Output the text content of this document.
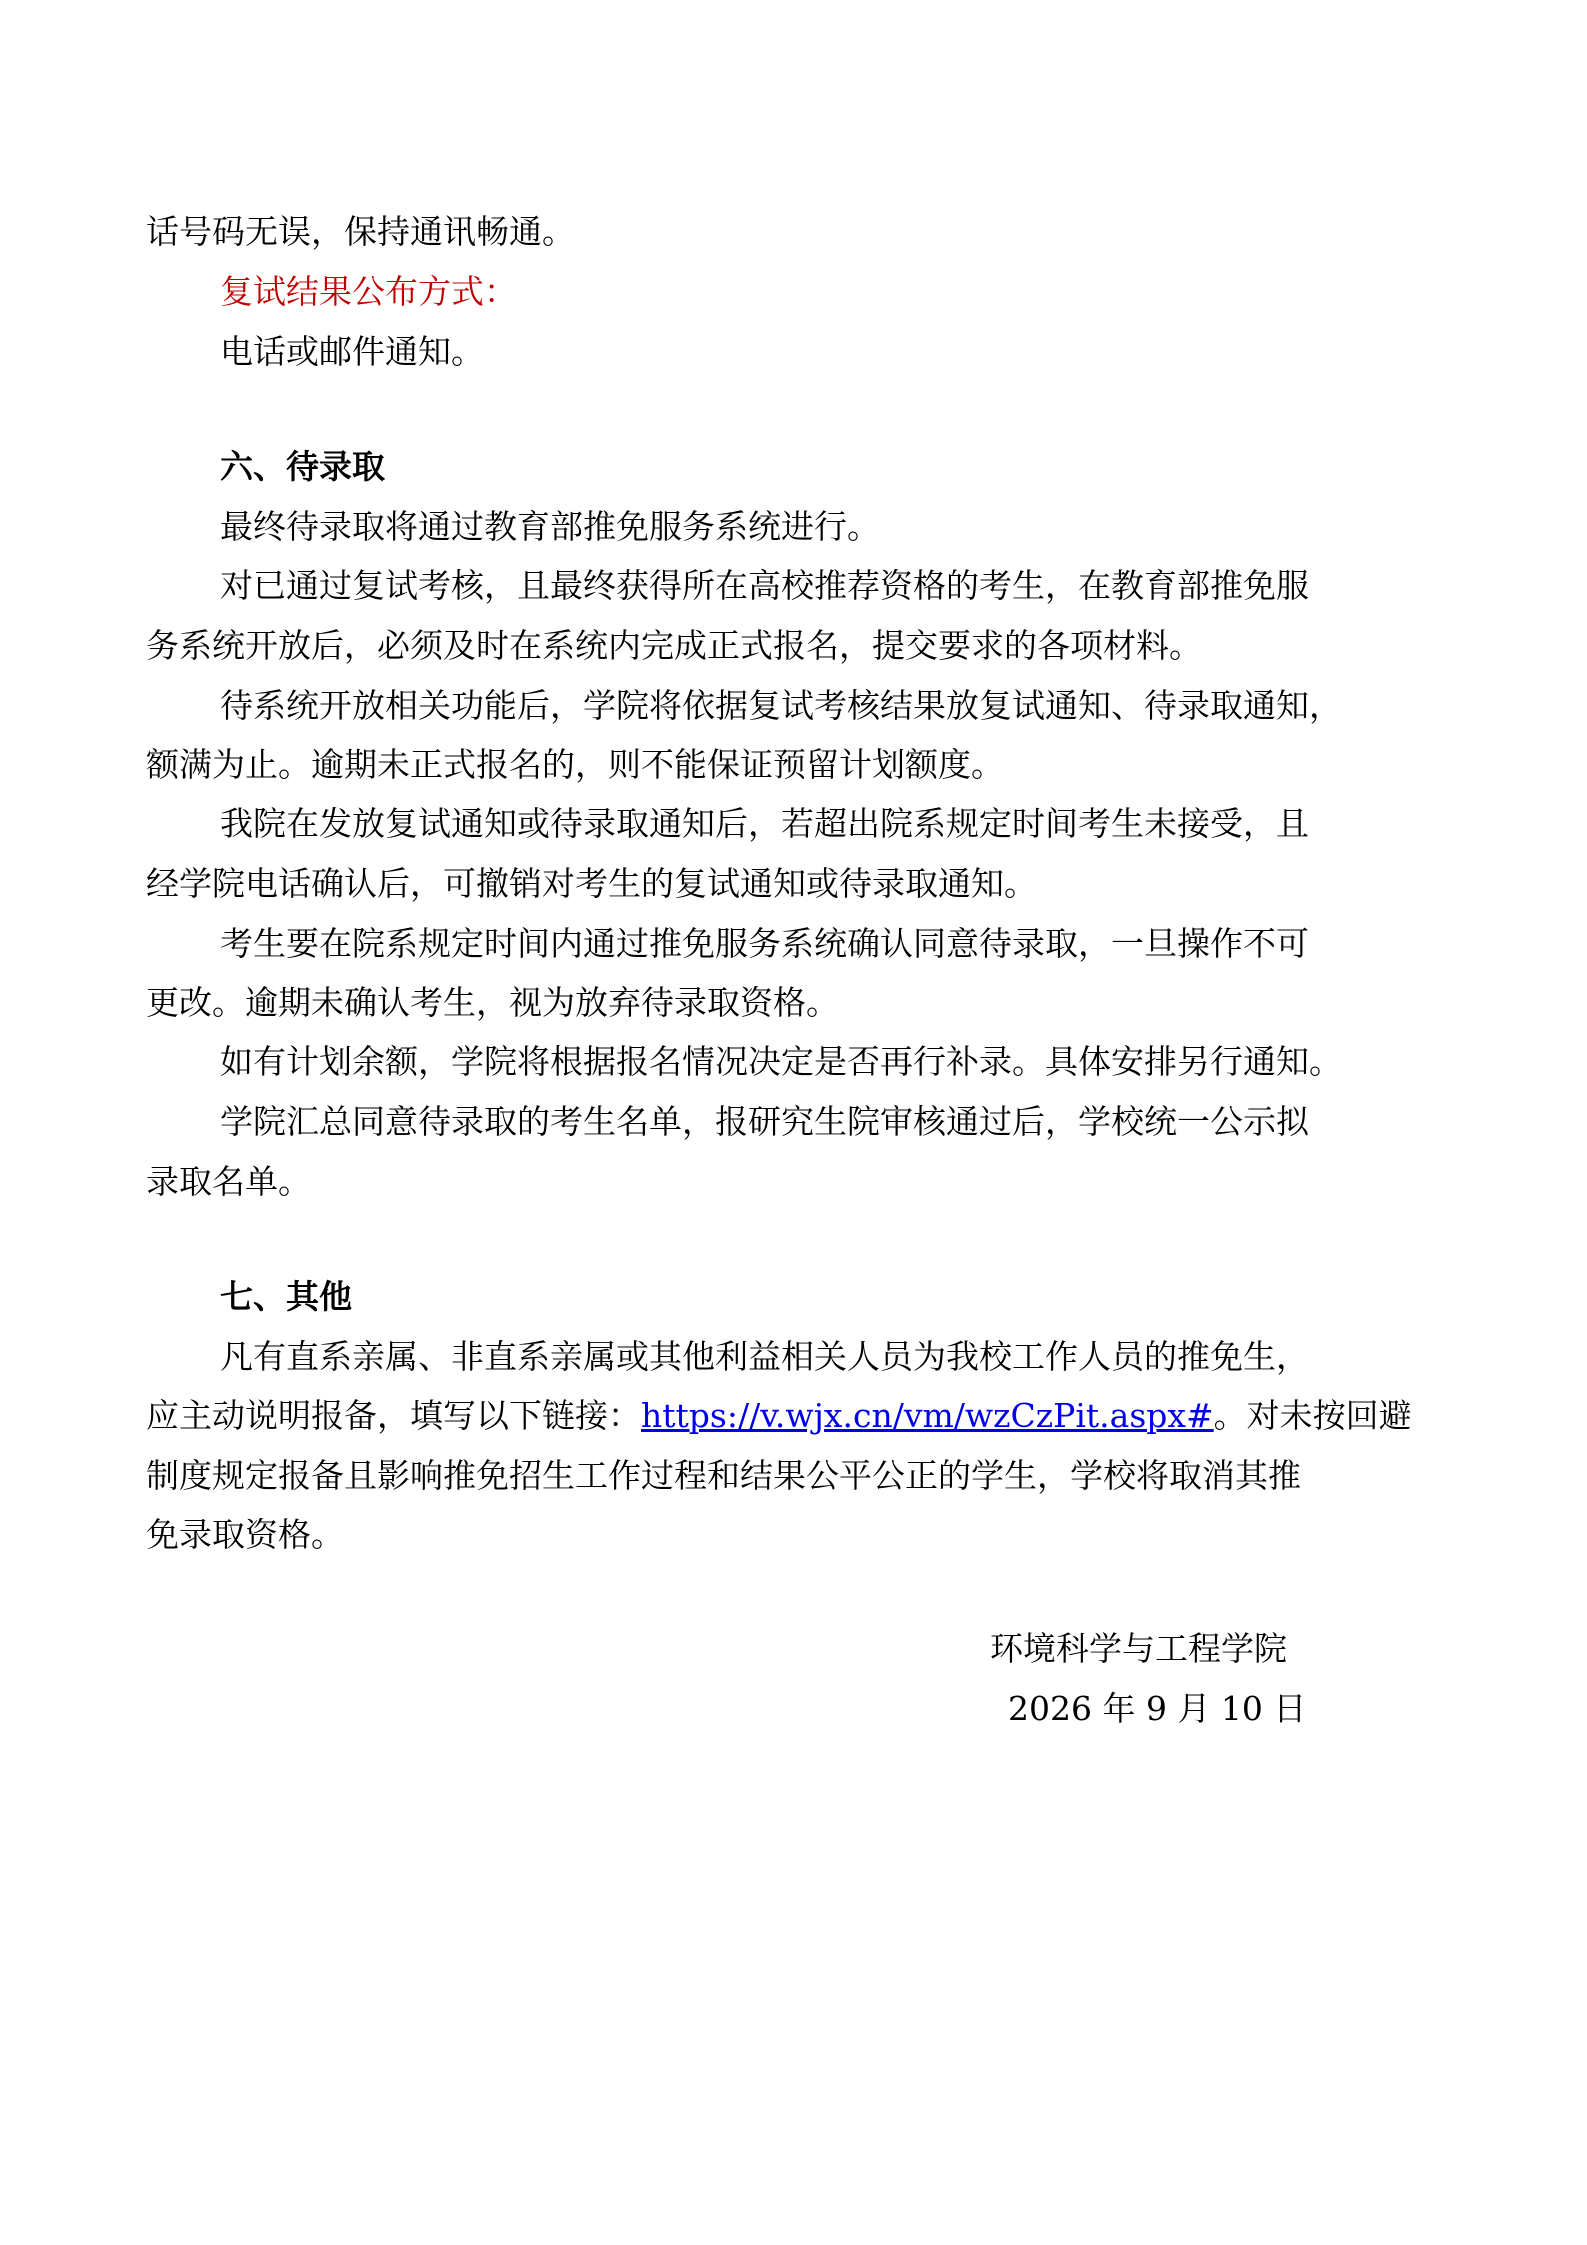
话号码无误，保持通讯畅通。

复试结果公布方式：

电话或邮件通知。

六、待录取

最终待录取将通过教育部推免服务系统进行。

对已通过复试考核，且最终获得所在高校推荐资格的考生，在教育部推免服

务系统开放后，必须及时在系统内完成正式报名，提交要求的各项材料。

待系统开放相关功能后，学院将依据复试考核结果放复试通知、待录取通知，

额满为止。逾期未正式报名的，则不能保证预留计划额度。

我院在发放复试通知或待录取通知后，若超出院系规定时间考生未接受，且

经学院电话确认后，可撤销对考生的复试通知或待录取通知。

考生要在院系规定时间内通过推免服务系统确认同意待录取，一旦操作不可

更改。逾期未确认考生，视为放弃待录取资格。

如有计划余额，学院将根据报名情况决定是否再行补录。具体安排另行通知。

学院汇总同意待录取的考生名单，报研究生院审核通过后，学校统一公示拟

录取名单。

七、其他

凡有直系亲属、非直系亲属或其他利益相关人员为我校工作人员的推免生，

应主动说明报备，填写以下链接：https://v.wjx.cn/vm/wzCzPit.aspx#。对未按回避

制度规定报备且影响推免招生工作过程和结果公平公正的学生，学校将取消其推

免录取资格。

环境科学与工程学院

2026 年 9 月 10 日
